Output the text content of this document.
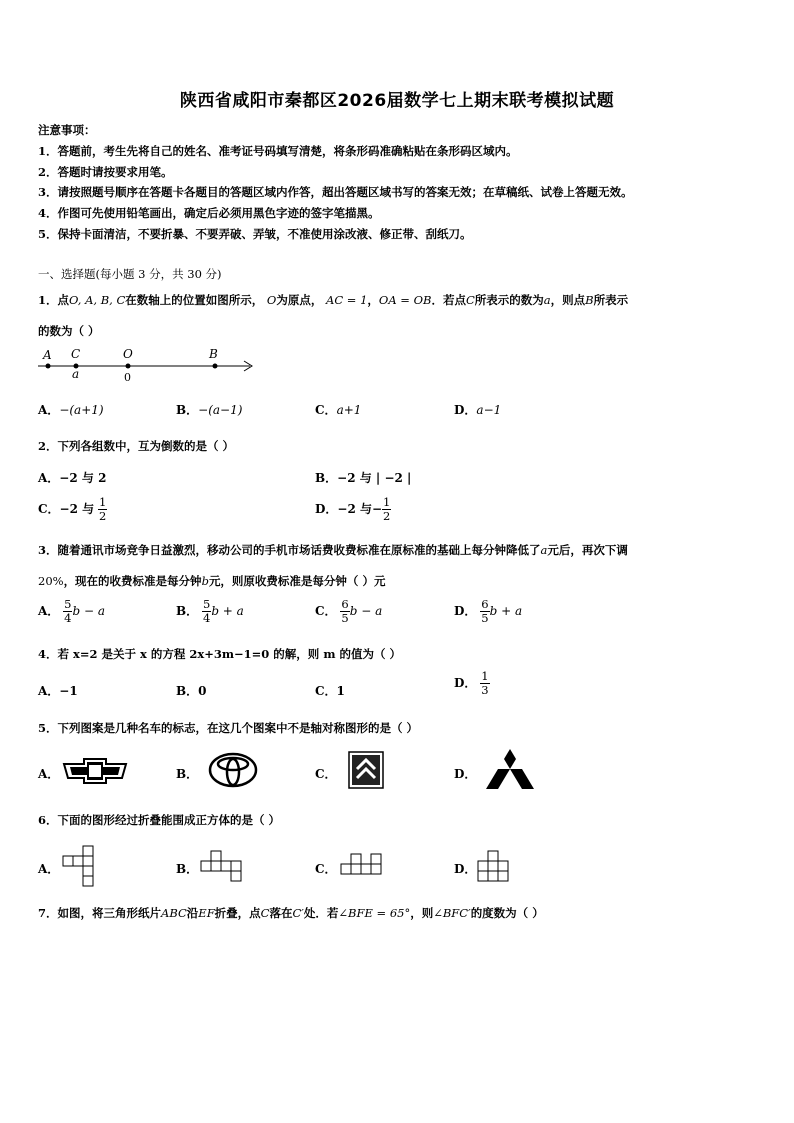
陕西省咸阳市秦都区2026届数学七上期末联考模拟试题
注意事项：
1．答题前，考生先将自己的姓名、准考证号码填写清楚，将条形码准确粘贴在条形码区域内。
2．答题时请按要求用笔。
3．请按照题号顺序在答题卡各题目的答题区域内作答，超出答题区域书写的答案无效；在草稿纸、试卷上答题无效。
4．作图可先使用铅笔画出，确定后必须用黑色字迹的签字笔描黑。
5．保持卡面清洁，不要折暴、不要弄破、弄皱，不准使用涂改液、修正带、刮纸刀。
一、选择题(每小题 3 分，共 30 分)
1．点O, A, B, C在数轴上的位置如图所示， O为原点， AC = 1，OA = OB．若点C所表示的数为a，则点B所表示
的数为（ ）
A C	O	B
a	0
A．−(a+1)	B．−(a−1)	C．a+1	D．a−1
2．下列各组数中，互为倒数的是（ ）
A．−2 与 2	B．−2 与 | −2 |
C．−2 与 $\frac{1}{2}$	D．−2 与− $\frac{1}{2}$
3．随着通讯市场竞争日益激烈，移动公司的手机市场话费收费标准在原标准的基础上每分钟降低了a元后，再次下调
20%，现在的收费标准是每分钟b元，则原收费标准是每分钟（ ）元
A． $\frac{5}{4}$ b − a	B． $\frac{5}{4}$ b + a	C． $\frac{6}{5}$ b − a	D． $\frac{6}{5}$ b + a
4．若 x=2 是关于 x 的方程 2x+3m−1=0 的解，则 m 的值为（ ）
A．−1	B．0	C．1
D． $\frac{1}{3}$
5．下列图案是几种名车的标志，在这几个图案中不是轴对称图形的是（ ）
A．	B．	C．	D．
6．下面的图形经过折叠能围成正方体的是（ ）
A．	B．	C．	D．
7．如图，将三角形纸片ABC沿EF折叠，点C落在C′处．若∠BFE = 65°，则∠BFC′的度数为（ ）
